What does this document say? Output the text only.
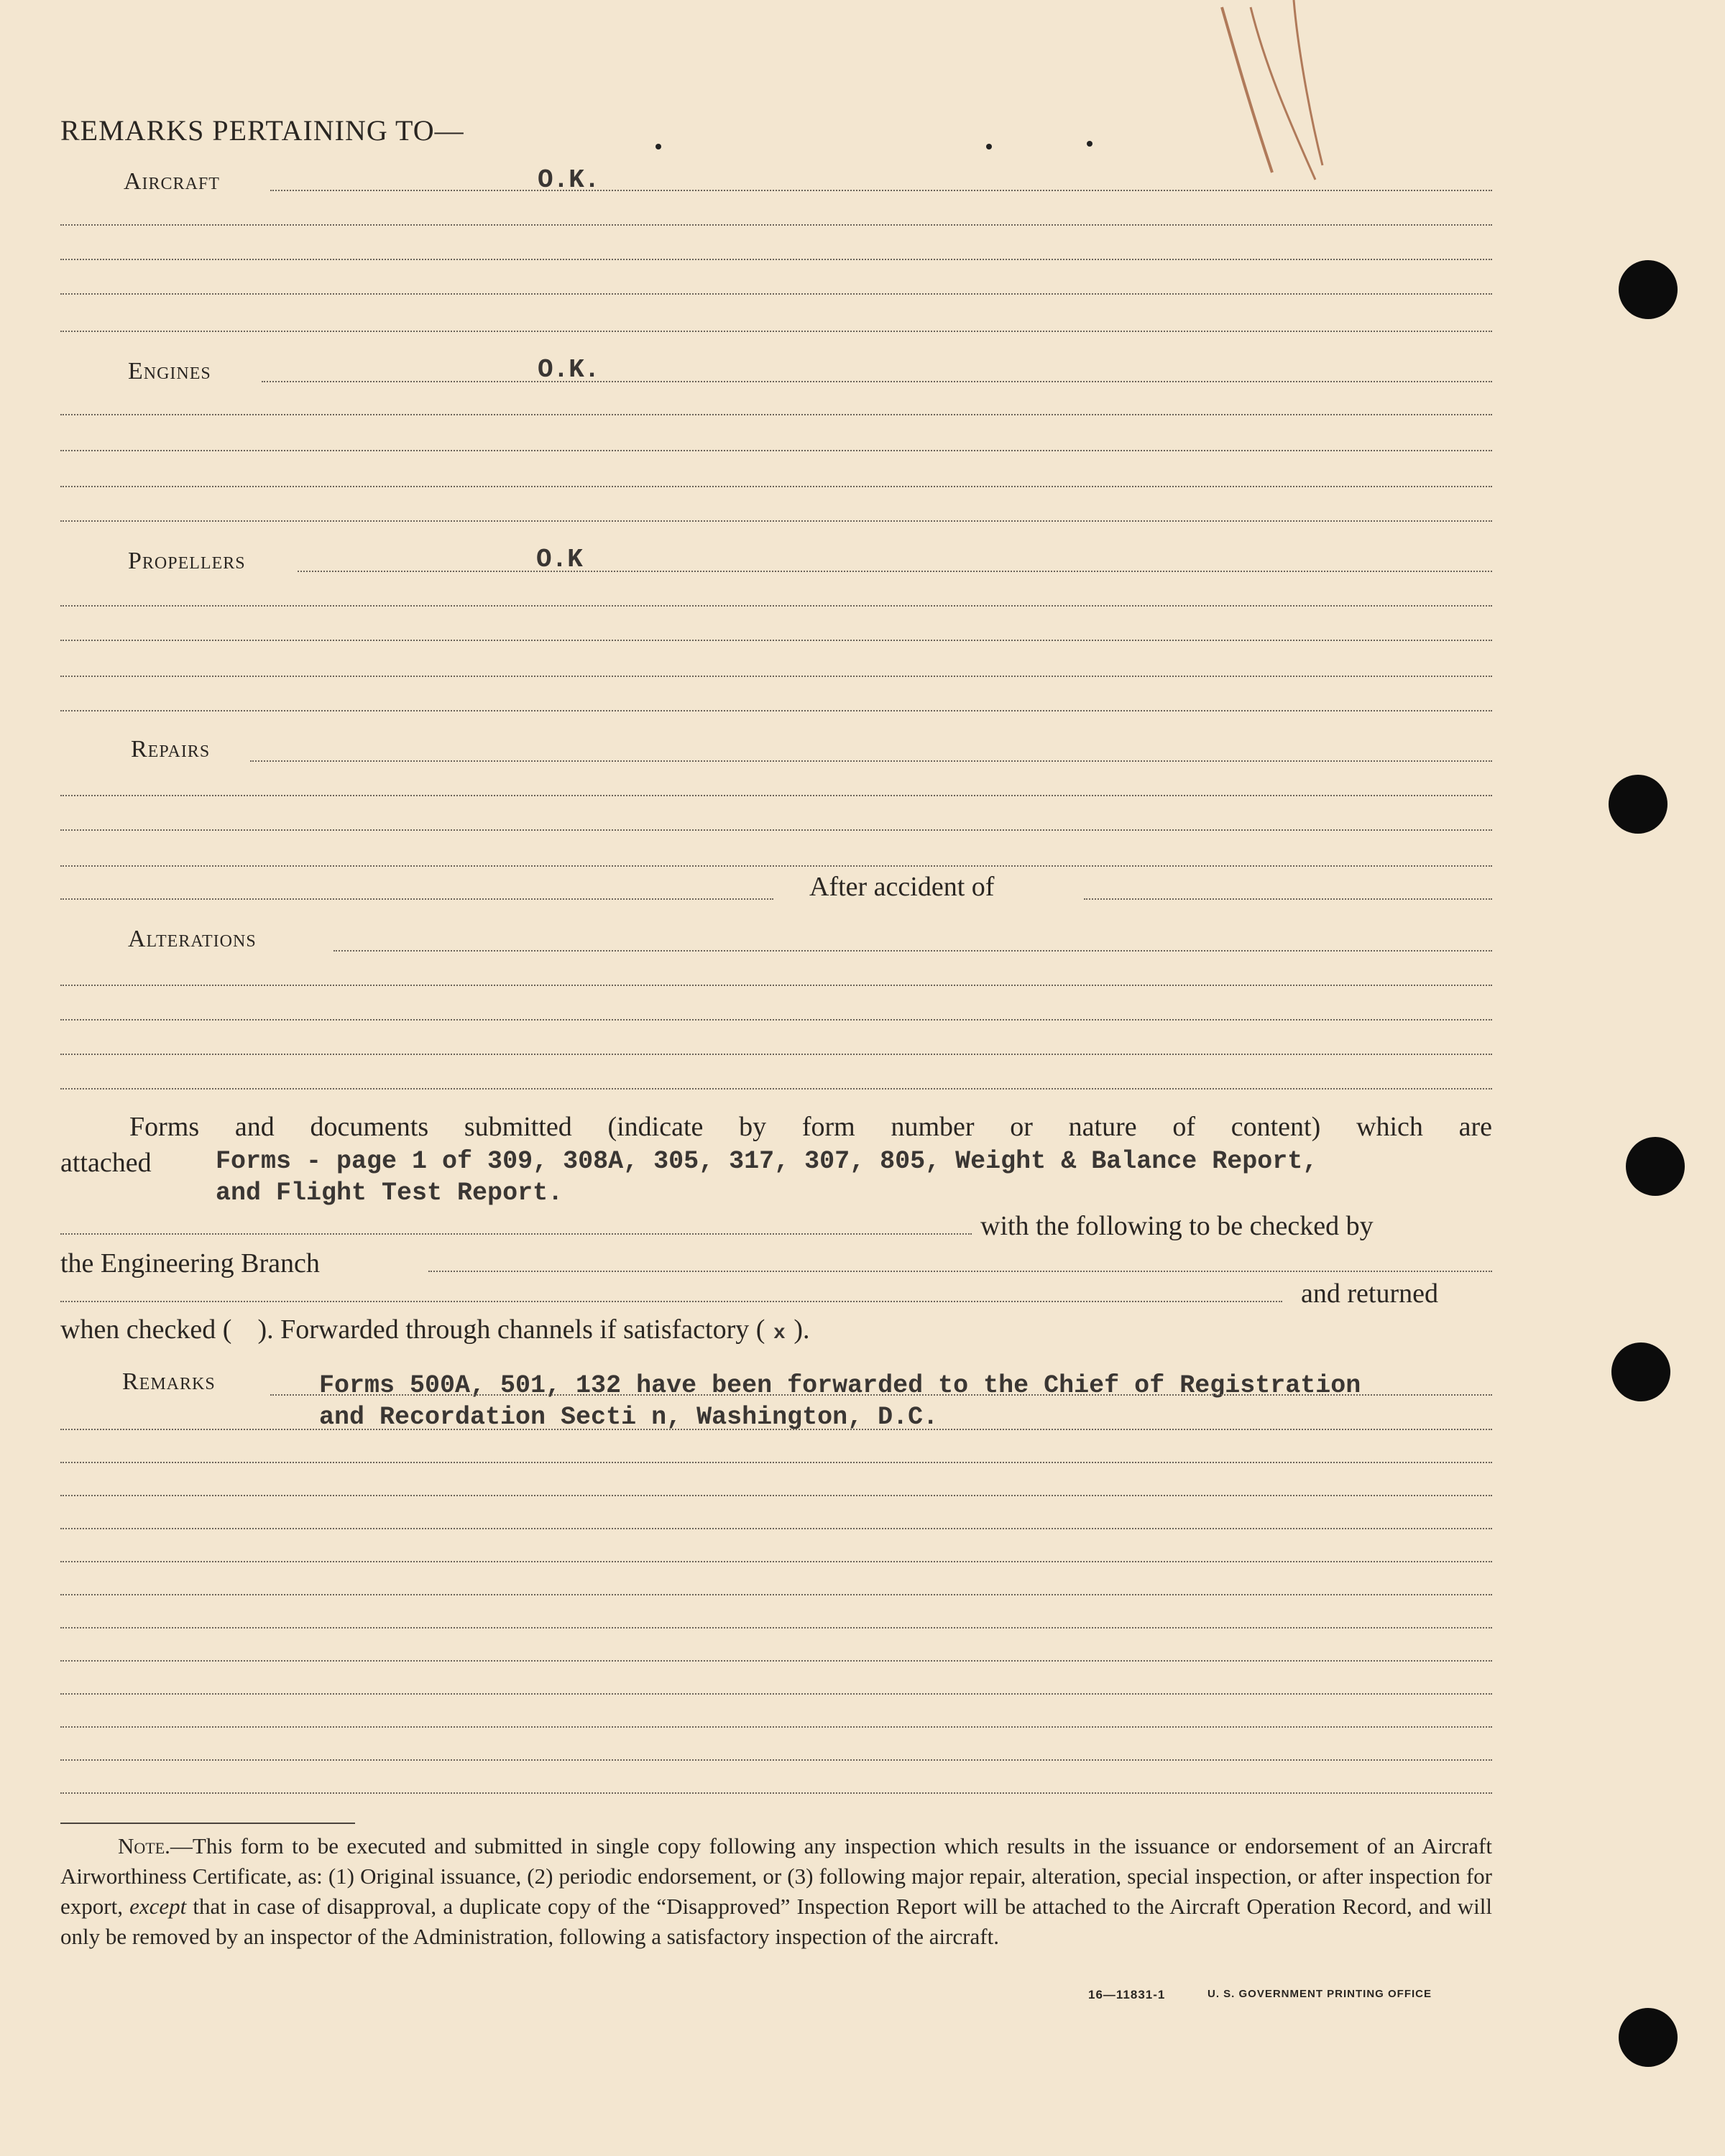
REMARKS PERTAINING TO—
Aircraft	O.K.
Engines	O.K.
Propellers	O.K
Repairs
After accident of
Alterations
Forms and documents submitted (indicate by form number or nature of content) which are
attached	Forms - page 1 of 309, 308A, 305, 317, 307, 805, Weight & Balance Report,
and Flight Test Report.
with the following to be checked by
the Engineering Branch
and returned
when checked ( ). Forwarded through channels if satisfactory ( x ).
Remarks	Forms 500A, 501, 132 have been forwarded to the Chief of Registration
and Recordation Secti n, Washington, D.C.
Note.—This form to be executed and submitted in single copy following any inspection which results in the issuance or endorsement of an Aircraft Airworthiness Certificate, as: (1) Original issuance, (2) periodic endorsement, or (3) following major repair, alteration, special inspection, or after inspection for export, except that in case of disapproval, a duplicate copy of the “Disapproved” Inspection Report will be attached to the Aircraft Operation Record, and will only be removed by an inspector of the Administration, following a satisfactory inspection of the aircraft.
16—11831-1	U. S. GOVERNMENT PRINTING OFFICE
